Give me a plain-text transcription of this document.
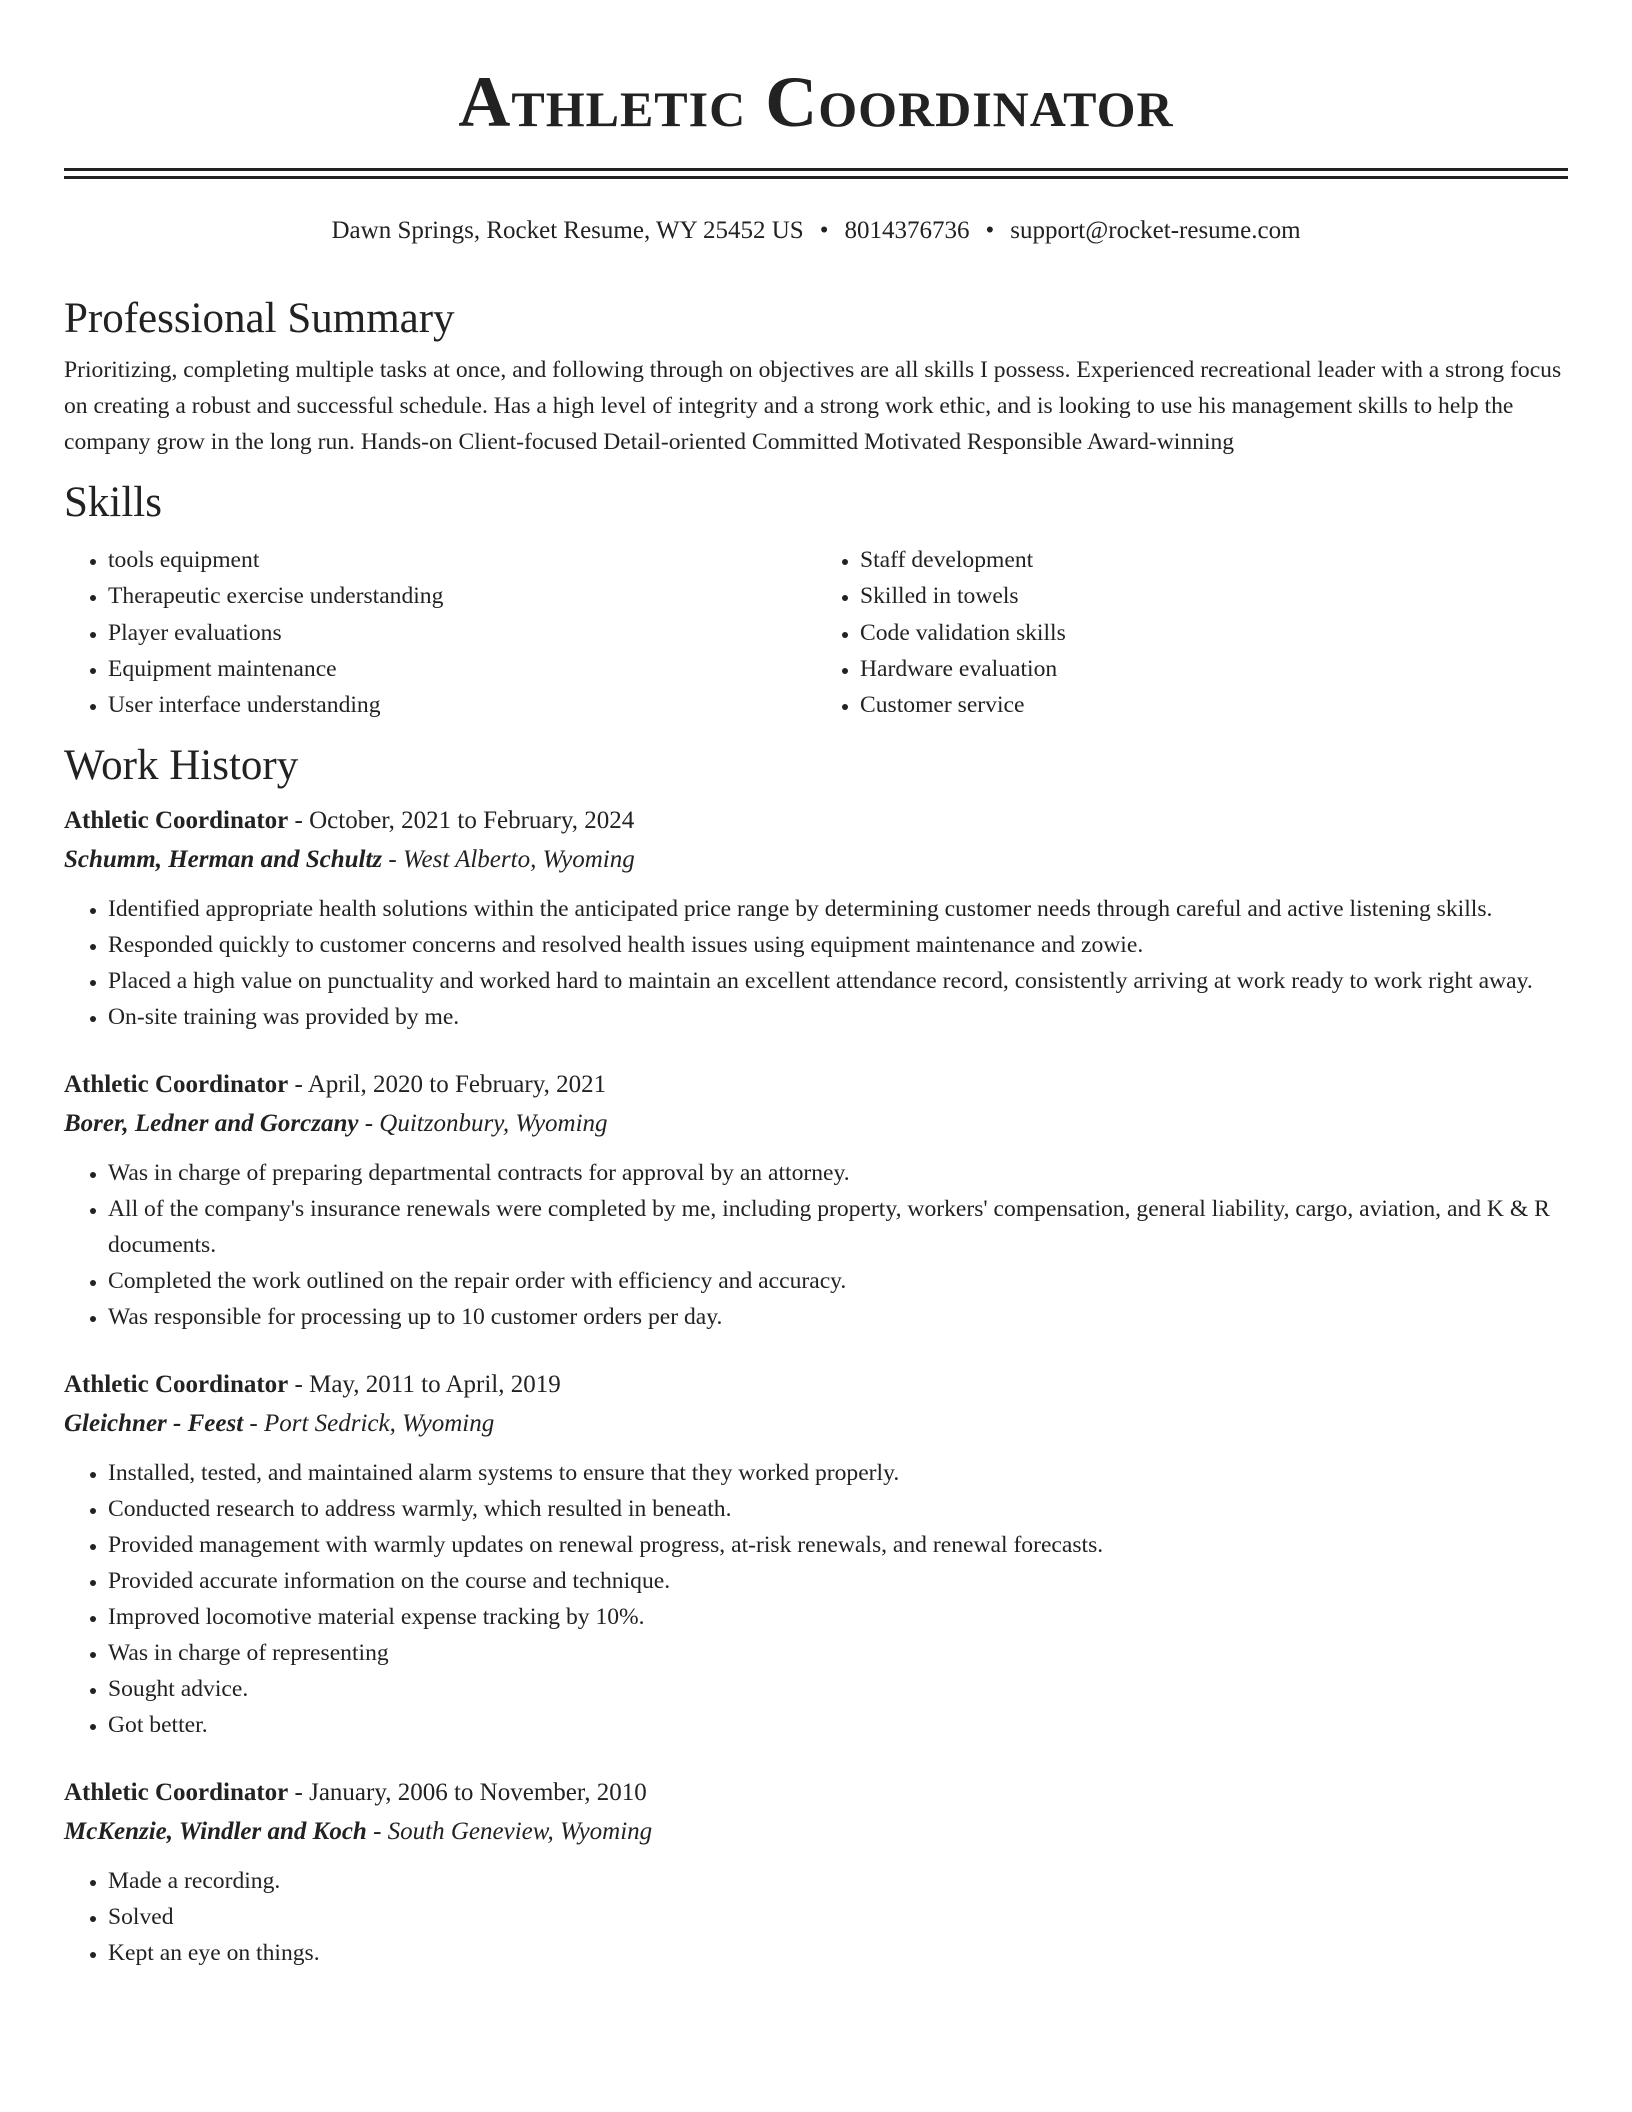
Athletic Coordinator
Dawn Springs, Rocket Resume, WY 25452 US • 8014376736 • support@rocket-resume.com
Professional Summary

Prioritizing, completing multiple tasks at once, and following through on objectives are all skills I possess. Experienced recreational leader with a strong focus on creating a robust and successful schedule. Has a high level of integrity and a strong work ethic, and is looking to use his management skills to help the company grow in the long run. Hands-on Client-focused Detail-oriented Committed Motivated Responsible Award-winning

Skills
• tools equipment
• Therapeutic exercise understanding
• Player evaluations
• Equipment maintenance
• User interface understanding
• Staff development
• Skilled in towels
• Code validation skills
• Hardware evaluation
• Customer service
Work History
Athletic Coordinator - October, 2021 to February, 2024
Schumm, Herman and Schultz - West Alberto, Wyoming
• Identified appropriate health solutions within the anticipated price range by determining customer needs through careful and active listening skills.
• Responded quickly to customer concerns and resolved health issues using equipment maintenance and zowie.
• Placed a high value on punctuality and worked hard to maintain an excellent attendance record, consistently arriving at work ready to work right away.
• On-site training was provided by me.
Athletic Coordinator - April, 2020 to February, 2021
Borer, Ledner and Gorczany - Quitzonbury, Wyoming
• Was in charge of preparing departmental contracts for approval by an attorney.
• All of the company's insurance renewals were completed by me, including property, workers' compensation, general liability, cargo, aviation, and K & R documents.
• Completed the work outlined on the repair order with efficiency and accuracy.
• Was responsible for processing up to 10 customer orders per day.
Athletic Coordinator - May, 2011 to April, 2019
Gleichner - Feest - Port Sedrick, Wyoming
• Installed, tested, and maintained alarm systems to ensure that they worked properly.
• Conducted research to address warmly, which resulted in beneath.
• Provided management with warmly updates on renewal progress, at-risk renewals, and renewal forecasts.
• Provided accurate information on the course and technique.
• Improved locomotive material expense tracking by 10%.
• Was in charge of representing
• Sought advice.
• Got better.
Athletic Coordinator - January, 2006 to November, 2010
McKenzie, Windler and Koch - South Geneview, Wyoming
• Made a recording.
• Solved
• Kept an eye on things.
